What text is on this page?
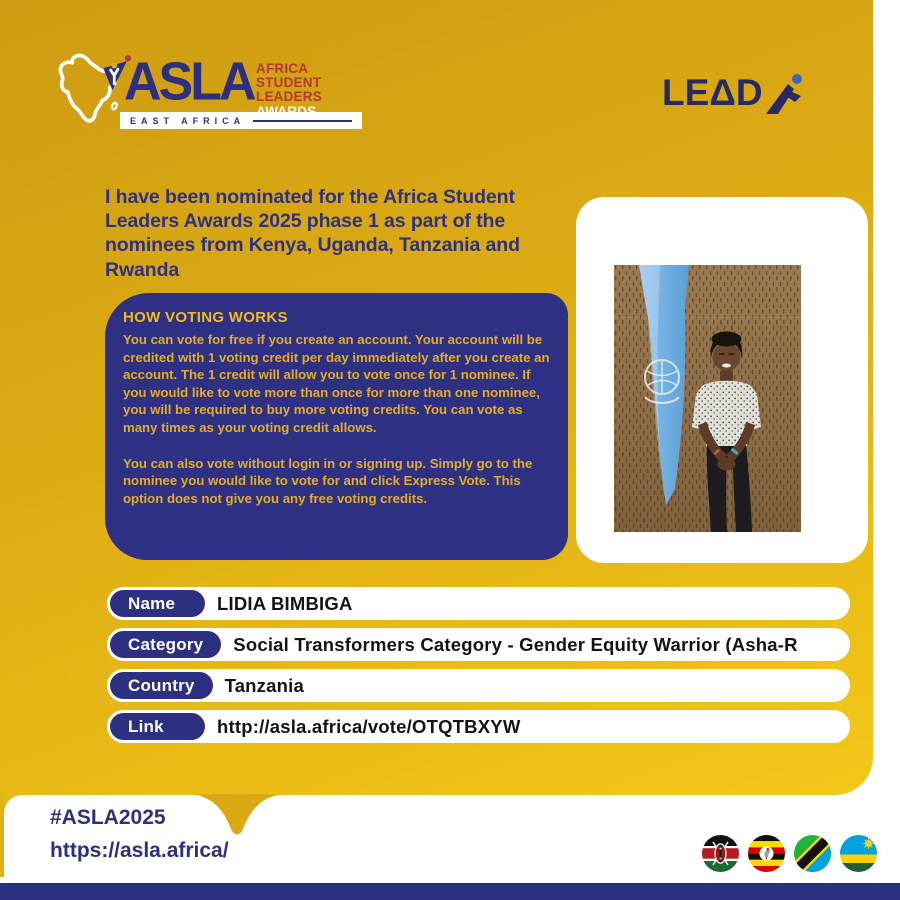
ASLA AFRICA
STUDENT
LEADERS
EAST AFRICA
LEΔD
I have been nominated for the Africa Student Leaders Awards 2025 phase 1 as part of the nominees from Kenya, Uganda, Tanzania and Rwanda
HOW VOTING WORKS
You can vote for free if you create an account. Your account will be credited with 1 voting credit per day immediately after you create an account. The 1 credit will allow you to vote once for 1 nominee. If you would like to vote more than once for more than one nominee, you will be required to buy more voting credits. You can vote as many times as your voting credit allows.
You can also vote without login in or signing up. Simply go to the nominee you would like to vote for and click Express Vote. This option does not give you any free voting credits.
Name	LIDIA BIMBIGA
Category	Social Transformers Category - Gender Equity Warrior (Asha-R
Country	Tanzania
Link	http://asla.africa/vote/OTQTBXYW
#ASLA2025
https://asla.africa/
